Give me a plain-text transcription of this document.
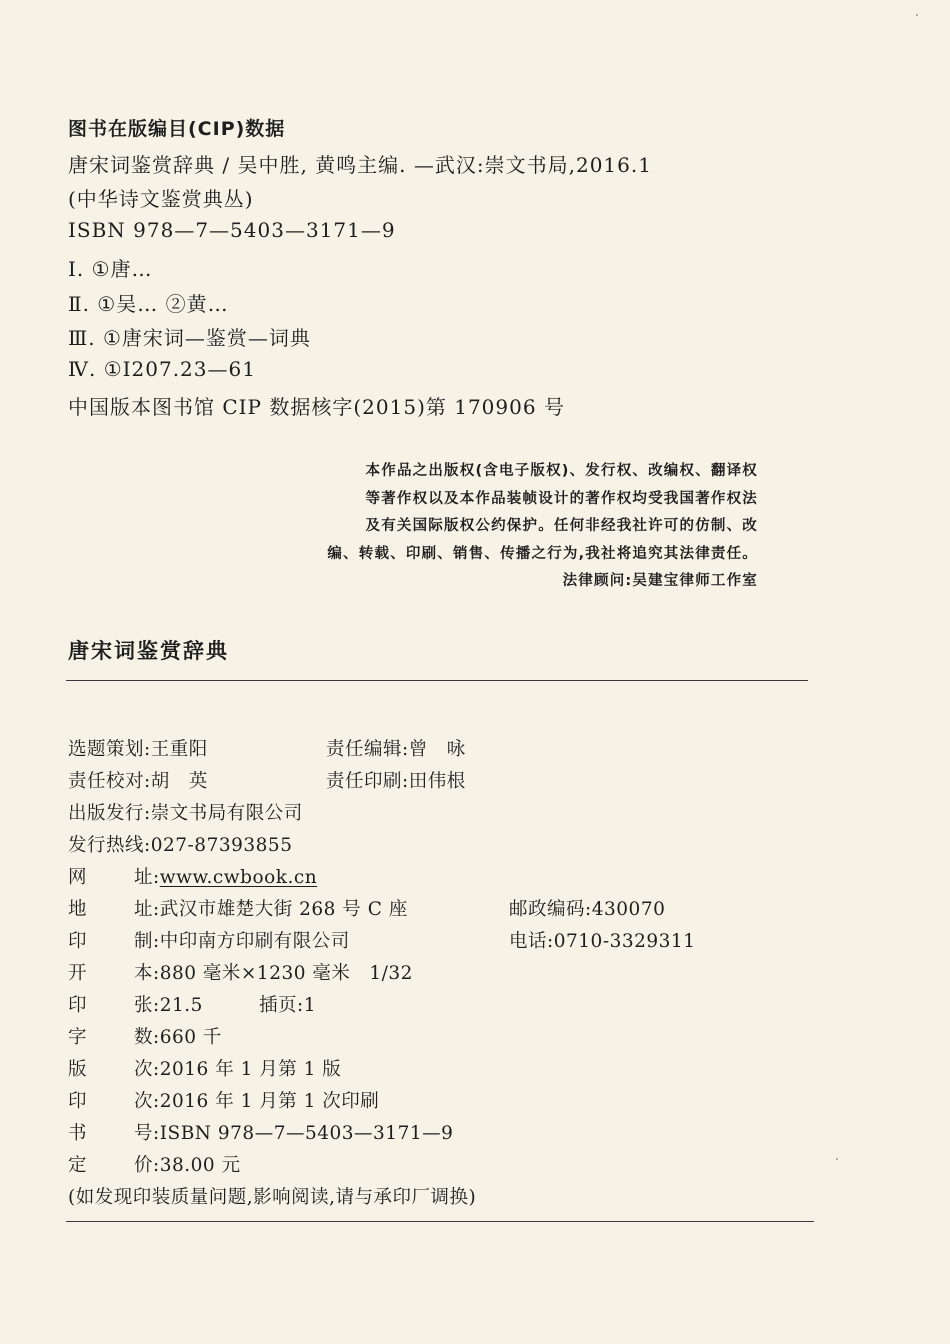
图书在版编目(CIP)数据
唐宋词鉴赏辞典 / 吴中胜, 黄鸣主编. —武汉:崇文书局,2016.1
(中华诗文鉴赏典丛)
ISBN 978—7—5403—3171—9
Ⅰ. ①唐…
Ⅱ. ①吴… ②黄…
Ⅲ. ①唐宋词—鉴赏—词典
Ⅳ. ①I207.23—61
中国版本图书馆 CIP 数据核字(2015)第 170906 号
本作品之出版权(含电子版权)、发行权、改编权、翻译权
等著作权以及本作品装帧设计的著作权均受我国著作权法
及有关国际版权公约保护。任何非经我社许可的仿制、改
编、转载、印刷、销售、传播之行为,我社将追究其法律责任。
法律顾问:吴建宝律师工作室
唐宋词鉴赏辞典
选题策划:王重阳	责任编辑:曾　咏
责任校对:胡　英	责任印刷:田伟根
出版发行:崇文书局有限公司
发行热线:027-87393855
网	址:www.cwbook.cn
地	址:武汉市雄楚大街 268 号 C 座	邮政编码:430070
印	制:中印南方印刷有限公司	电话:0710-3329311
开	本:880 毫米×1230 毫米　1/32
印	张:21.5	插页:1
字	数:660 千
版	次:2016 年 1 月第 1 版
印	次:2016 年 1 月第 1 次印刷
书	号:ISBN 978—7—5403—3171—9
定	价:38.00 元
(如发现印装质量问题,影响阅读,请与承印厂调换)
